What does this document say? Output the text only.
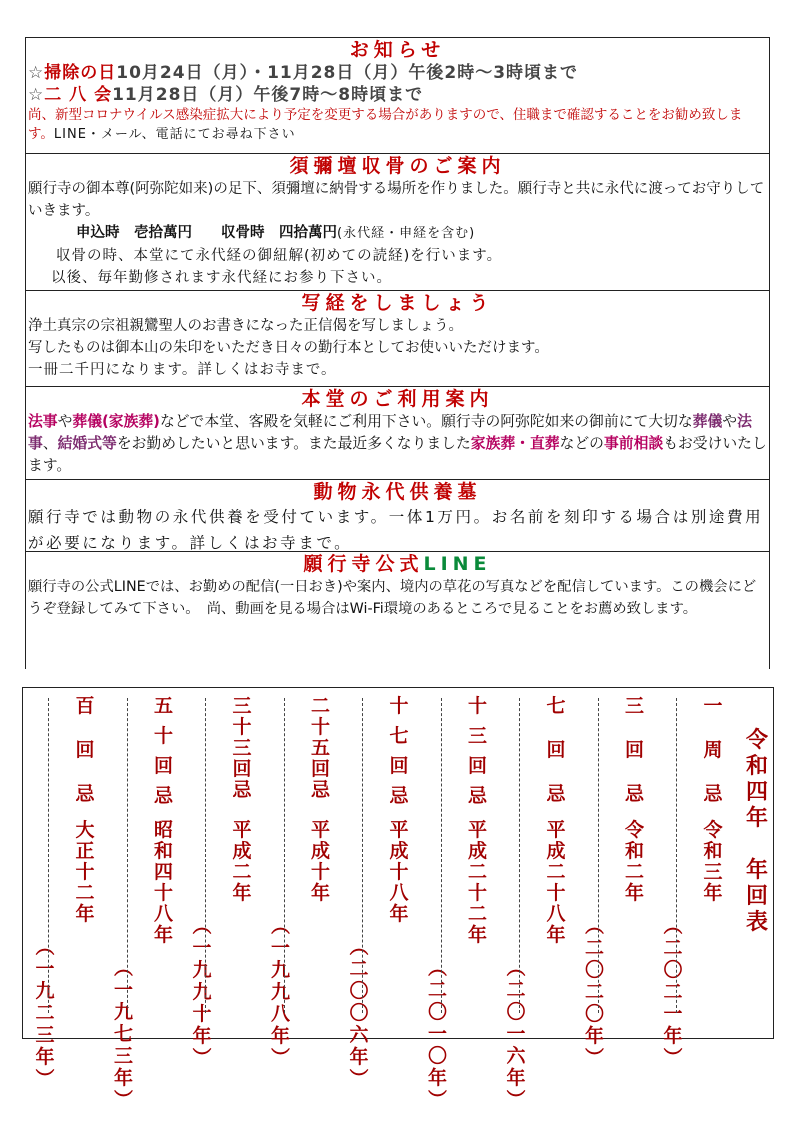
お知らせ
☆掃除の日10月24日（月）・11月28日（月）午後2時～3時頃まで
☆二 八 会11月28日（月）午後7時～8時頃まで
尚、新型コロナウイルス感染症拡大により予定を変更する場合がありますので、住職まで確認することをお勧め致します。LINE・メール、電話にてお尋ね下さい
須彌壇収骨のご案内
願行寺の御本尊(阿弥陀如来)の足下、須彌壇に納骨する場所を作りました。願行寺と共に永代に渡ってお守りしていきます。
申込時　壱拾萬円　　 収骨時　四拾萬円(永代経・申経を含む)
収骨の時、本堂にて永代経の御紐解(初めての読経)を行います。
以後、毎年勤修されます永代経にお参り下さい。
写経をしましょう
浄土真宗の宗祖親鸞聖人のお書きになった正信偈を写しましょう。
写したものは御本山の朱印をいただき日々の勤行本としてお使いいただけます。
一冊二千円になります。詳しくはお寺まで。
本堂のご利用案内
法事や葬儀(家族葬)などで本堂、客殿を気軽にご利用下さい。願行寺の阿弥陀如来の御前にて大切な葬儀や法事、結婚式等をお勤めしたいと思います。また最近多くなりました家族葬・直葬などの事前相談もお受けいたします。
動物永代供養墓
願行寺では動物の永代供養を受付ています。一体1万円。お名前を刻印する場合は別途費用が必要になります。詳しくはお寺まで。
願行寺公式LINE
願行寺の公式LINEでは、お勤めの配信(一日おき)や案内、境内の草花の写真などを配信しています。この機会にどうぞ登録してみて下さい。　尚、動画を見る場合はWi-Fi環境のあるところで見ることをお薦め致します。
令
和
四
年

年
回
表
一
周
忌
令
和
三
年
︵
二
〇
二
一
年
︶
三
回
忌
令
和
二
年
︵
二
〇
二
〇
年
︶
七
回
忌
平
成
二
十
八
年
︵
二
〇
一
六
年
︶
十
三
回
忌
平
成
二
十
二
年
︵
二
〇
一
〇
年
︶
十
七
回
忌
平
成
十
八
年
︵
二
〇
〇
六
年
︶
二
十
五
回
忌
平
成
十
年
︵
一
九
九
八
年
︶
三
十
三
回
忌
平
成
二
年
︵
一
九
九
十
年
︶
五
十
回
忌
昭
和
四
十
八
年
︵
一
九
七
三
年
︶
百
回
忌
大
正
十
二
年
︵
一
九
二
三
年
︶
